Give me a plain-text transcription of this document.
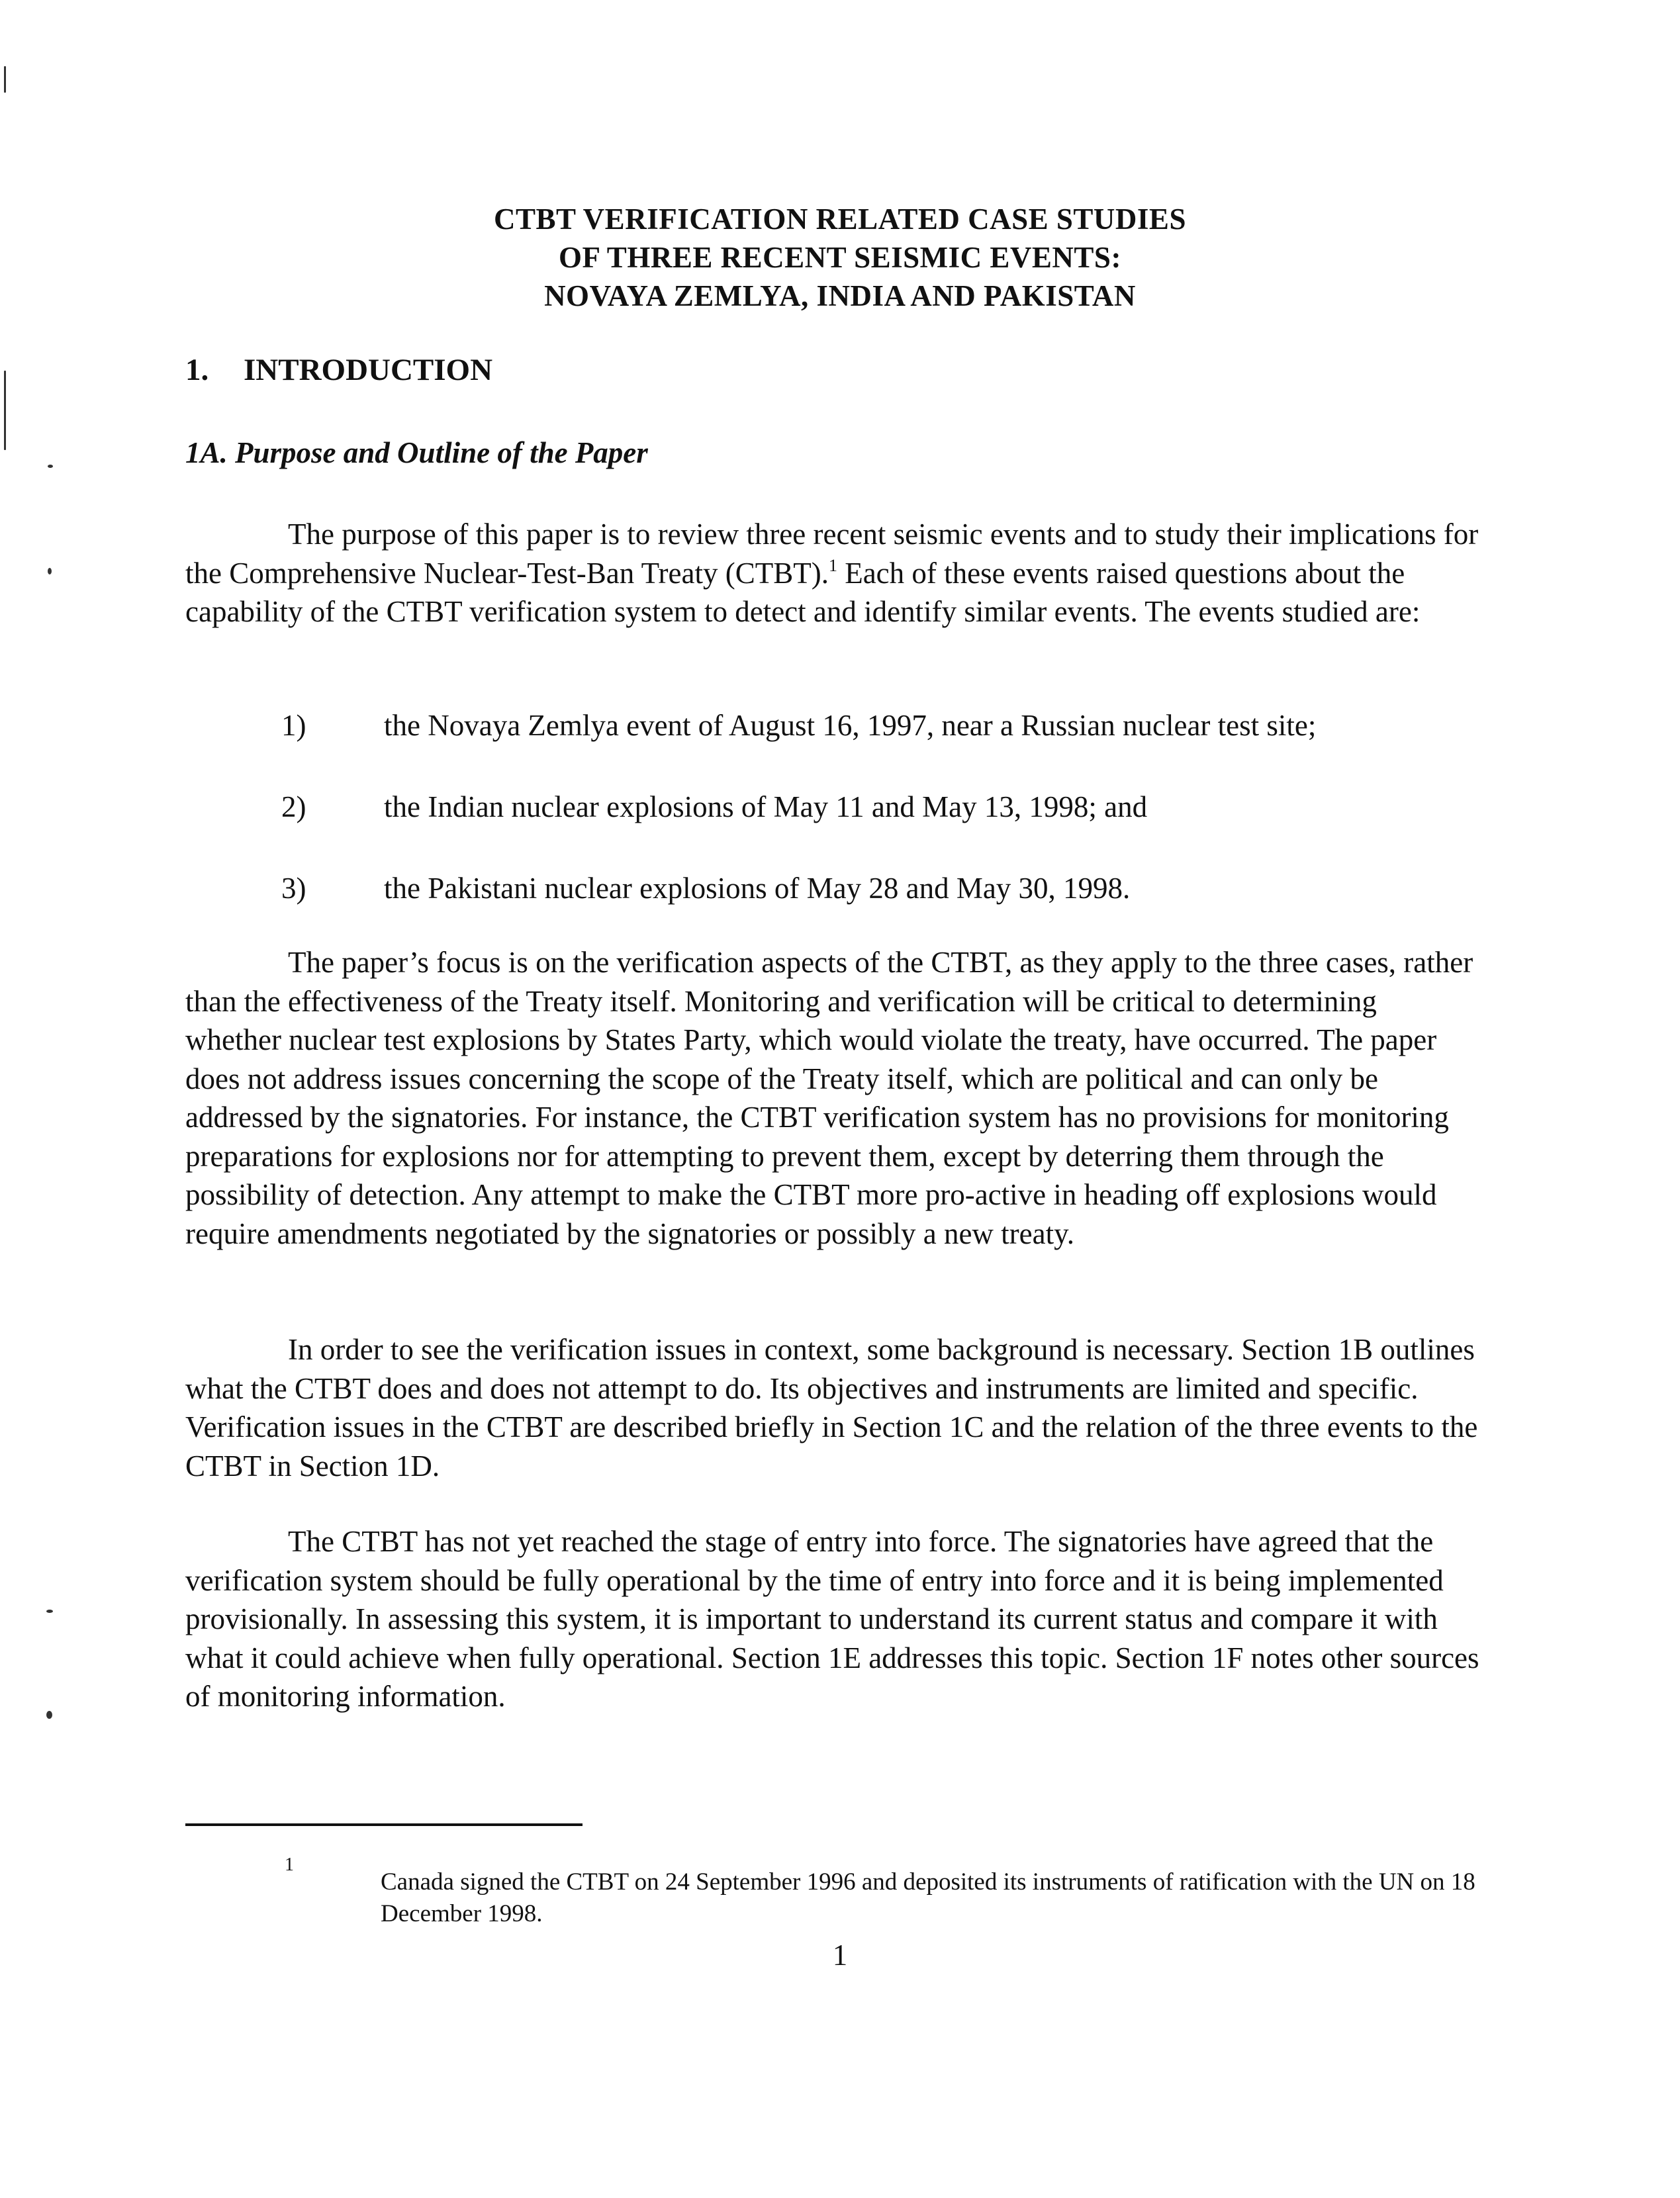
CTBT VERIFICATION RELATED CASE STUDIES
OF THREE RECENT SEISMIC EVENTS:
NOVAYA ZEMLYA, INDIA AND PAKISTAN
1. INTRODUCTION
1A. Purpose and Outline of the Paper
The purpose of this paper is to review three recent seismic events and to study their implications for the Comprehensive Nuclear-Test-Ban Treaty (CTBT).$^1$ Each of these events raised questions about the capability of the CTBT verification system to detect and identify similar events. The events studied are:
1)	the Novaya Zemlya event of August 16, 1997, near a Russian nuclear test site;
2)	the Indian nuclear explosions of May 11 and May 13, 1998; and
3)	the Pakistani nuclear explosions of May 28 and May 30, 1998.
The paper’s focus is on the verification aspects of the CTBT, as they apply to the three cases, rather than the effectiveness of the Treaty itself. Monitoring and verification will be critical to determining whether nuclear test explosions by States Party, which would violate the treaty, have occurred. The paper does not address issues concerning the scope of the Treaty itself, which are political and can only be addressed by the signatories. For instance, the CTBT verification system has no provisions for monitoring preparations for explosions nor for attempting to prevent them, except by deterring them through the possibility of detection. Any attempt to make the CTBT more pro-active in heading off explosions would require amendments negotiated by the signatories or possibly a new treaty.
In order to see the verification issues in context, some background is necessary. Section 1B outlines what the CTBT does and does not attempt to do. Its objectives and instruments are limited and specific. Verification issues in the CTBT are described briefly in Section 1C and the relation of the three events to the CTBT in Section 1D.
The CTBT has not yet reached the stage of entry into force. The signatories have agreed that the verification system should be fully operational by the time of entry into force and it is being implemented provisionally. In assessing this system, it is important to understand its current status and compare it with what it could achieve when fully operational. Section 1E addresses this topic. Section 1F notes other sources of monitoring information.
1
Canada signed the CTBT on 24 September 1996 and deposited its instruments of ratification with the UN on 18 December 1998.
1
